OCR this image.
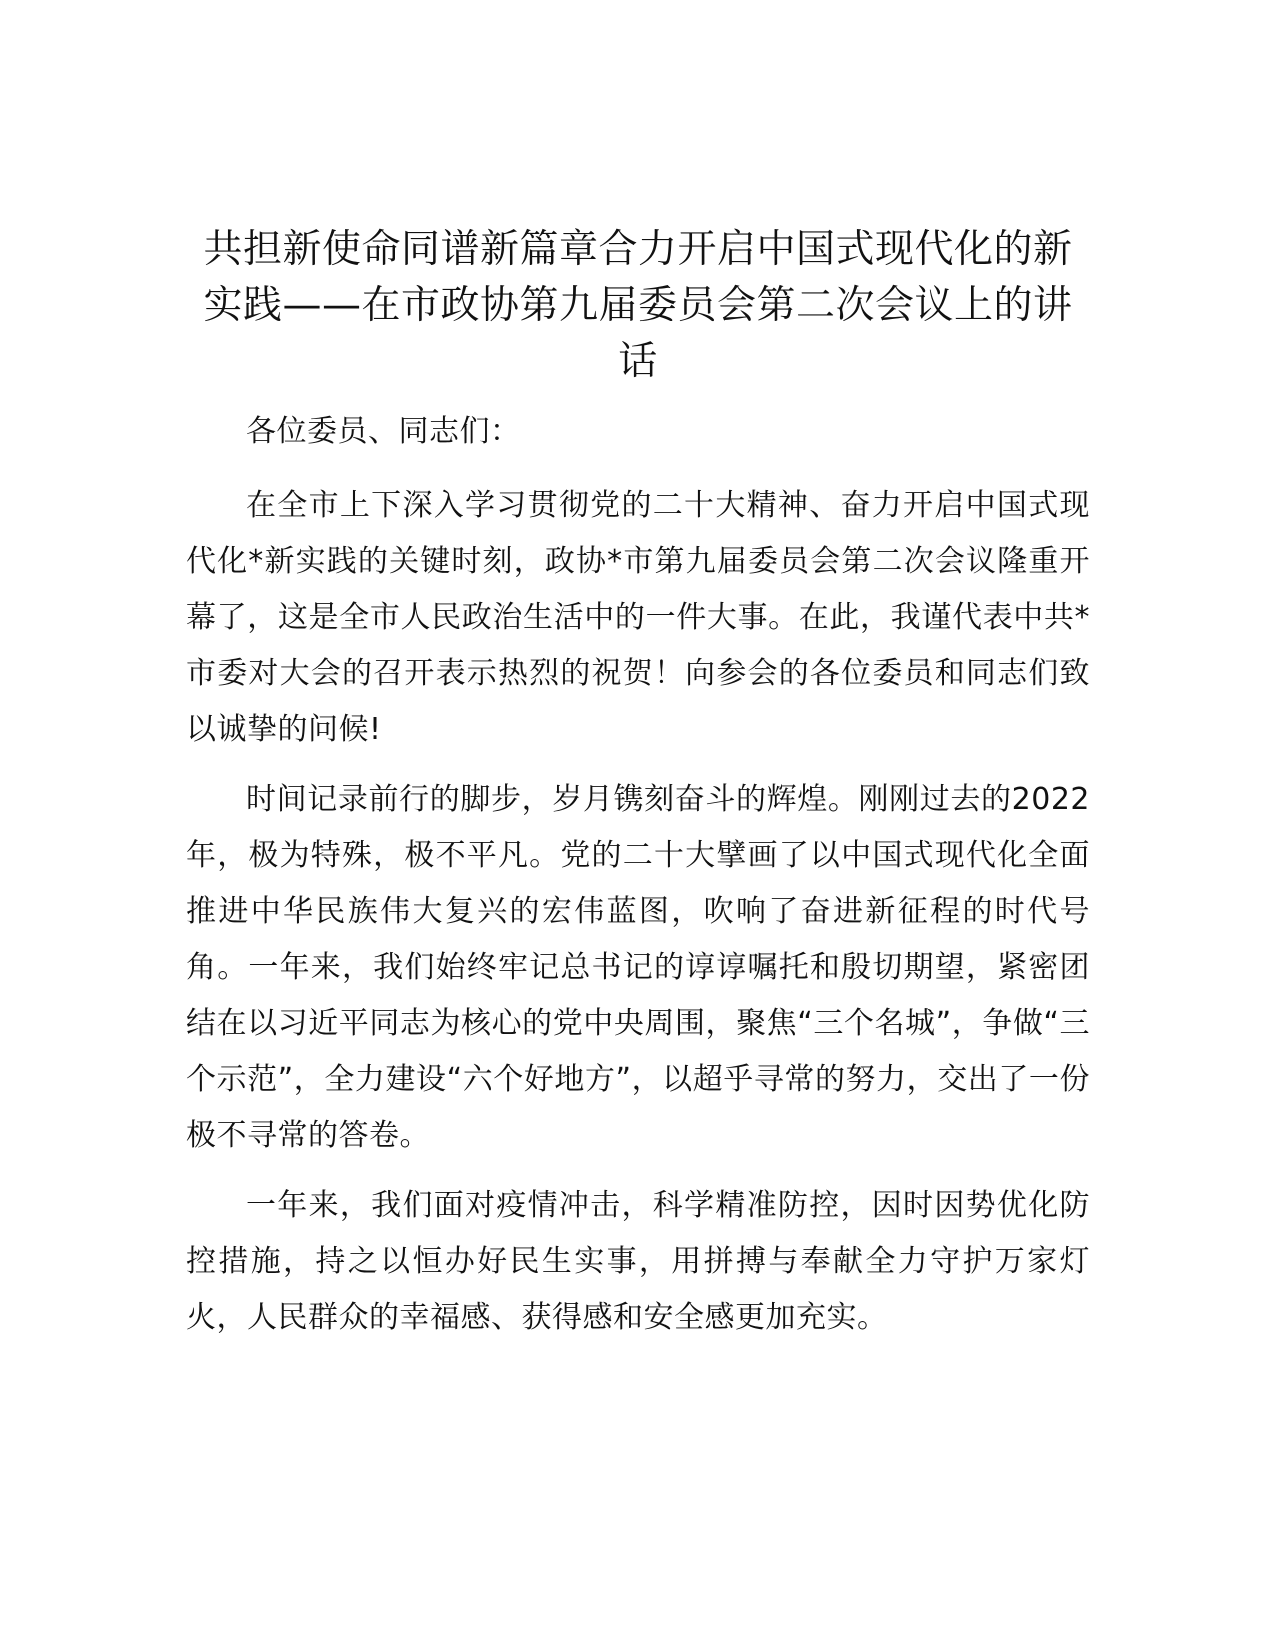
共担新使命同谱新篇章合力开启中国式现代化的新实践——在市政协第九届委员会第二次会议上的讲话

各位委员、同志们：

在全市上下深入学习贯彻党的二十大精神、奋力开启中国式现代化*新实践的关键时刻，政协*市第九届委员会第二次会议隆重开幕了，这是全市人民政治生活中的一件大事。在此，我谨代表中共*市委对大会的召开表示热烈的祝贺！向参会的各位委员和同志们致以诚挚的问候!

时间记录前行的脚步，岁月镌刻奋斗的辉煌。刚刚过去的2022年，极为特殊，极不平凡。党的二十大擘画了以中国式现代化全面推进中华民族伟大复兴的宏伟蓝图，吹响了奋进新征程的时代号角。一年来，我们始终牢记总书记的谆谆嘱托和殷切期望，紧密团结在以习近平同志为核心的党中央周围，聚焦“三个名城”，争做“三个示范”，全力建设“六个好地方”，以超乎寻常的努力，交出了一份极不寻常的答卷。

一年来，我们面对疫情冲击，科学精准防控，因时因势优化防控措施，持之以恒办好民生实事，用拼搏与奉献全力守护万家灯火，人民群众的幸福感、获得感和安全感更加充实。
